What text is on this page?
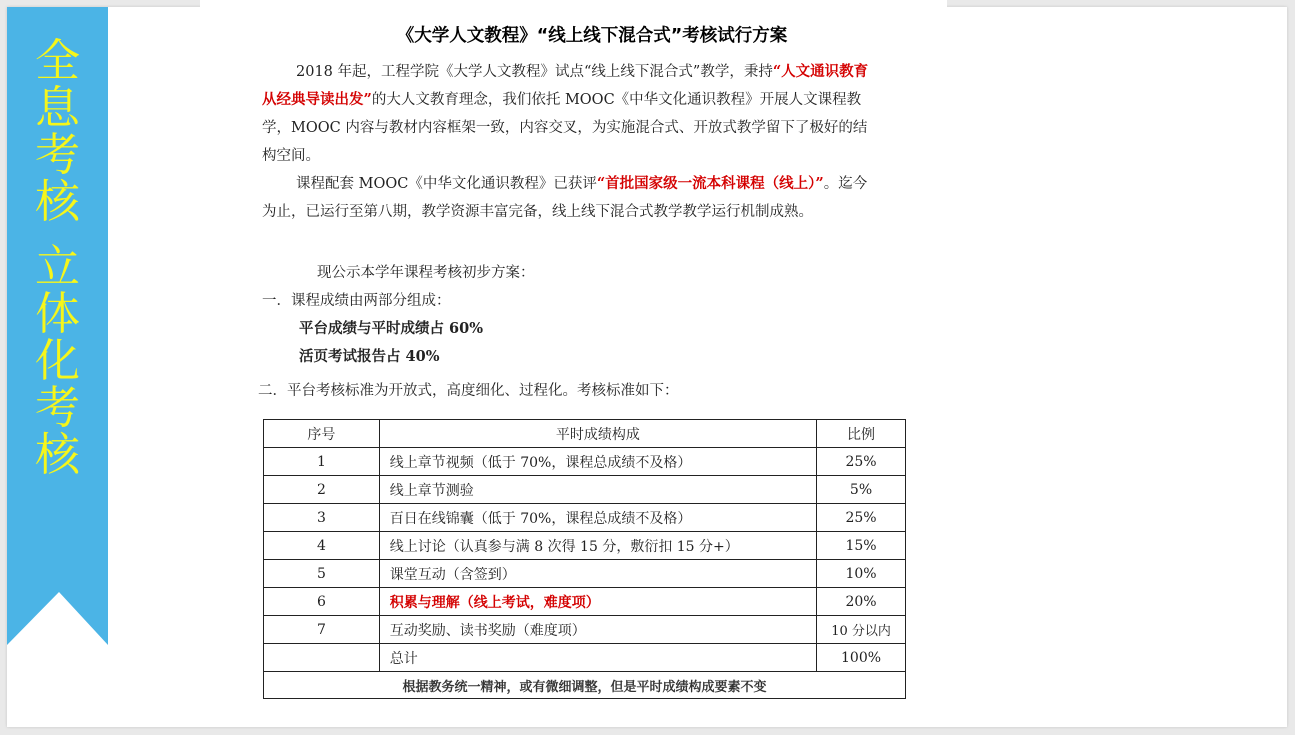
全
息
考
核
立
体
化
考
核
《大学人文教程》“线上线下混合式”考核试行方案
2018 年起，工程学院《大学人文教程》试点“线上线下混合式”教学，秉持“人文通识教育从经典导读出发”的大人文教育理念，我们依托 MOOC《中华文化通识教程》开展人文课程教学，MOOC 内容与教材内容框架一致，内容交叉，为实施混合式、开放式教学留下了极好的结构空间。
课程配套 MOOC《中华文化通识教程》已获评“首批国家级一流本科课程（线上）”。迄今为止，已运行至第八期，教学资源丰富完备，线上线下混合式教学教学运行机制成熟。
现公示本学年课程考核初步方案：
一．课程成绩由两部分组成：
平台成绩与平时成绩占 60%
活页考试报告占 40%
二．平台考核标准为开放式，高度细化、过程化。考核标准如下：
序号	平时成绩构成	比例
1	线上章节视频（低于 70%，课程总成绩不及格）	25%
2	线上章节测验	5%
3	百日在线锦囊（低于 70%，课程总成绩不及格）	25%
4	线上讨论（认真参与满 8 次得 15 分，敷衍扣 15 分+）	15%
5	课堂互动（含签到）	10%
6	积累与理解（线上考试，难度项）	20%
7	互动奖励、读书奖励（难度项）	10 分以内
	总计	100%
根据教务统一精神，或有微细调整，但是平时成绩构成要素不变		
